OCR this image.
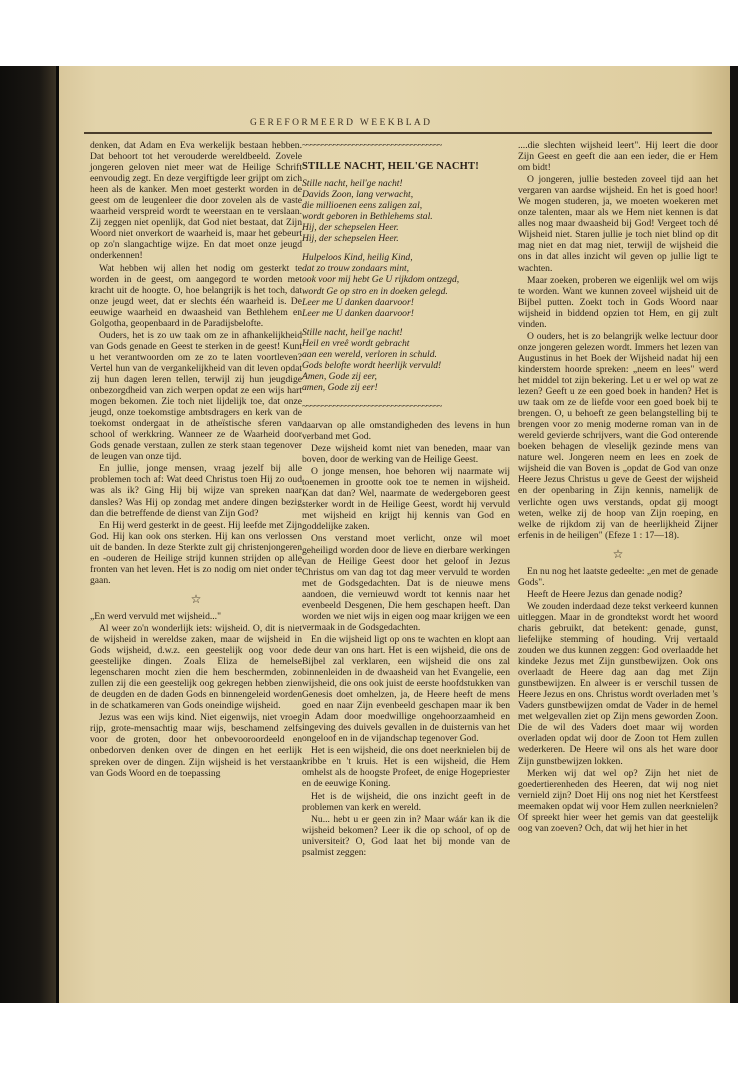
GEREFORMEERD WEEKBLAD

denken, dat Adam en Eva werkelijk bestaan hebben. Dat behoort tot het verouderde wereldbeeld. Zovele jongeren geloven niet meer wat de Heilige Schrift eenvoudig zegt. En deze vergiftigde leer grijpt om zich heen als de kanker. Men moet gesterkt worden in de geest om de leugenleer die door zovelen als de vaste waarheid verspreid wordt te weerstaan en te verslaan. Zij zeggen niet openlijk, dat God niet bestaat, dat Zijn Woord niet onverkort de waarheid is, maar het gebeurt op zo'n slangachtige wijze. En dat moet onze jeugd onderkennen!

Wat hebben wij allen het nodig om gesterkt te worden in de geest, om aangegord te worden met kracht uit de hoogte. O, hoe belangrijk is het toch, dat onze jeugd weet, dat er slechts één waarheid is. De eeuwige waarheid en dwaasheid van Bethlehem en Golgotha, geopenbaard in de Paradijsbelofte.

Ouders, het is zo uw taak om ze in afhankelijkheid van Gods genade en Geest te sterken in de geest! Kunt u het verantwoorden om ze zo te laten voortleven? Vertel hun van de vergankelijkheid van dit leven opdat zij hun dagen leren tellen, terwijl zij hun jeugdige onbezorgdheid van zich werpen opdat ze een wijs hart mogen bekomen. Zie toch niet lijdelijk toe, dat onze jeugd, onze toekomstige ambtsdragers en kerk van de toekomst ondergaat in de atheïstische sferen van school of werkkring. Wanneer ze de Waarheid door Gods genade verstaan, zullen ze sterk staan tegenover de leugen van onze tijd.

En jullie, jonge mensen, vraag jezelf bij alle problemen toch af: Wat deed Christus toen Hij zo oud was als ik? Ging Hij bij wijze van spreken naar dansles? Was Hij op zondag met andere dingen bezig dan die betreffende de dienst van Zijn God?

En Hij werd gesterkt in de geest. Hij leefde met Zijn God. Hij kan ook ons sterken. Hij kan ons verlossen uit de banden. In deze Sterkte zult gij christenjongeren en -ouderen de Heilige strijd kunnen strijden op alle fronten van het leven. Het is zo nodig om niet onder te gaan.

☆

„En werd vervuld met wijsheid..."

Al weer zo'n wonderlijk iets: wijsheid. O, dit is niet de wijsheid in wereldse zaken, maar de wijsheid in Gods wijsheid, d.w.z. een geestelijk oog voor de geestelijke dingen. Zoals Eliza de hemelse legenscharen mocht zien die hem beschermden, zo zullen zij die een geestelijk oog gekregen hebben zien de deugden en de daden Gods en binnengeleid worden in de schatkameren van Gods oneindige wijsheid.

Jezus was een wijs kind. Niet eigenwijs, niet vroeg rijp, grote-mensachtig maar wijs, beschamend zelfs voor de groten, door het onbevooroordeeld en onbedorven denken over de dingen en het eerlijk spreken over de dingen. Zijn wijsheid is het verstaan van Gods Woord en de toepassing

~~~~~~~~~~~~~~~~~~~~~~~~~~~~~~~~~~~~
STILLE NACHT, HEIL'GE NACHT!
Stille nacht, heil'ge nacht!
Davids Zoon, lang verwacht,
die millioenen eens zaligen zal,
wordt geboren in Bethlehems stal.
Hij, der schepselen Heer.
Hij, der schepselen Heer.
Hulpeloos Kind, heilig Kind,
dat zo trouw zondaars mint,
ook voor mij hebt Ge U rijkdom ontzegd,
wordt Ge op stro en in doeken gelegd.
Leer me U danken daarvoor!
Leer me U danken daarvoor!
Stille nacht, heil'ge nacht!
Heil en vreê wordt gebracht
aan een wereld, verloren in schuld.
Gods belofte wordt heerlijk vervuld!
Amen, Gode zij eer,
amen, Gode zij eer!
~~~~~~~~~~~~~~~~~~~~~~~~~~~~~~~~~~~~

daarvan op alle omstandigheden des levens in hun verband met God.

Deze wijsheid komt niet van beneden, maar van boven, door de werking van de Heilige Geest.

O jonge mensen, hoe behoren wij naarmate wij toenemen in grootte ook toe te nemen in wijsheid. Kan dat dan? Wel, naarmate de wedergeboren geest sterker wordt in de Heilige Geest, wordt hij vervuld met wijsheid en krijgt hij kennis van God en goddelijke zaken.

Ons verstand moet verlicht, onze wil moet geheiligd worden door de lieve en dierbare werkingen van de Heilige Geest door het geloof in Jezus Christus om van dag tot dag meer vervuld te worden met de Godsgedachten. Dat is de nieuwe mens aandoen, die vernieuwd wordt tot kennis naar het evenbeeld Desgenen, Die hem geschapen heeft. Dan worden we niet wijs in eigen oog maar krijgen we een vermaak in de Godsgedachten.

En die wijsheid ligt op ons te wachten en klopt aan de deur van ons hart. Het is een wijsheid, die ons de Bijbel zal verklaren, een wijsheid die ons zal binnenleiden in de dwaasheid van het Evangelie, een wijsheid, die ons ook juist de eerste hoofdstukken van Genesis doet omhelzen, ja, de Heere heeft de mens goed en naar Zijn evenbeeld geschapen maar ik ben in Adam door moedwillige ongehoorzaamheid en ingeving des duivels gevallen in de duisternis van het ongeloof en in de vijandschap tegenover God.

Het is een wijsheid, die ons doet neerknielen bij de kribbe en 't kruis. Het is een wijsheid, die Hem omhelst als de hoogste Profeet, de enige Hogepriester en de eeuwige Koning.

Het is de wijsheid, die ons inzicht geeft in de problemen van kerk en wereld.

Nu... hebt u er geen zin in? Maar wáár kan ik die wijsheid bekomen? Leer ik die op school, of op de universiteit? O, God laat het bij monde van de psalmist zeggen:

....die slechten wijsheid leert". Hij leert die door Zijn Geest en geeft die aan een ieder, die er Hem om bidt!

O jongeren, jullie besteden zoveel tijd aan het vergaren van aardse wijsheid. En het is goed hoor! We mogen studeren, ja, we moeten woekeren met onze talenten, maar als we Hem niet kennen is dat alles nog maar dwaasheid bij God! Vergeet toch dé Wijsheid niet. Staren jullie je toch niet blind op dit mag niet en dat mag niet, terwijl de wijsheid die ons in dat alles inzicht wil geven op jullie ligt te wachten.

Maar zoeken, proberen we eigenlijk wel om wijs te worden. Want we kunnen zoveel wijsheid uit de Bijbel putten. Zoekt toch in Gods Woord naar wijsheid in biddend opzien tot Hem, en gij zult vinden.

O ouders, het is zo belangrijk welke lectuur door onze jongeren gelezen wordt. Immers het lezen van Augustinus in het Boek der Wijsheid nadat hij een kinderstem hoorde spreken: „neem en lees" werd het middel tot zijn bekering. Let u er wel op wat ze lezen? Geeft u ze een goed boek in handen? Het is uw taak om ze de liefde voor een goed boek bij te brengen. O, u behoeft ze geen belangstelling bij te brengen voor zo menig moderne roman van in de wereld gevierde schrijvers, want die God onterende boeken behagen de vleselijk gezinde mens van nature wel. Jongeren neem en lees en zoek de wijsheid die van Boven is „opdat de God van onze Heere Jezus Christus u geve de Geest der wijsheid en der openbaring in Zijn kennis, namelijk de verlichte ogen uws verstands, opdat gij moogt weten, welke zij de hoop van Zijn roeping, en welke de rijkdom zij van de heerlijkheid Zijner erfenis in de heiligen" (Efeze 1 : 17—18).

☆

En nu nog het laatste gedeelte: „en met de genade Gods".

Heeft de Heere Jezus dan genade nodig?

We zouden inderdaad deze tekst verkeerd kunnen uitleggen. Maar in de grondtekst wordt het woord charis gebruikt, dat betekent: genade, gunst, liefelijke stemming of houding. Vrij vertaald zouden we dus kunnen zeggen: God overlaadde het kindeke Jezus met Zijn gunstbewijzen. Ook ons overlaadt de Heere dag aan dag met Zijn gunstbewijzen. En alweer is er verschil tussen de Heere Jezus en ons. Christus wordt overladen met 's Vaders gunstbewijzen omdat de Vader in de hemel met welgevallen ziet op Zijn mens geworden Zoon. Die de wil des Vaders doet maar wij worden overladen opdat wij door de Zoon tot Hem zullen wederkeren. De Heere wil ons als het ware door Zijn gunstbewijzen lokken.

Merken wij dat wel op? Zijn het niet de goedertierenheden des Heeren, dat wij nog niet vernield zijn? Doet Hij ons nog niet het Kerstfeest meemaken opdat wij voor Hem zullen neerknielen? Of spreekt hier weer het gemis van dat geestelijk oog van zoeven? Och, dat wij het hier in het
